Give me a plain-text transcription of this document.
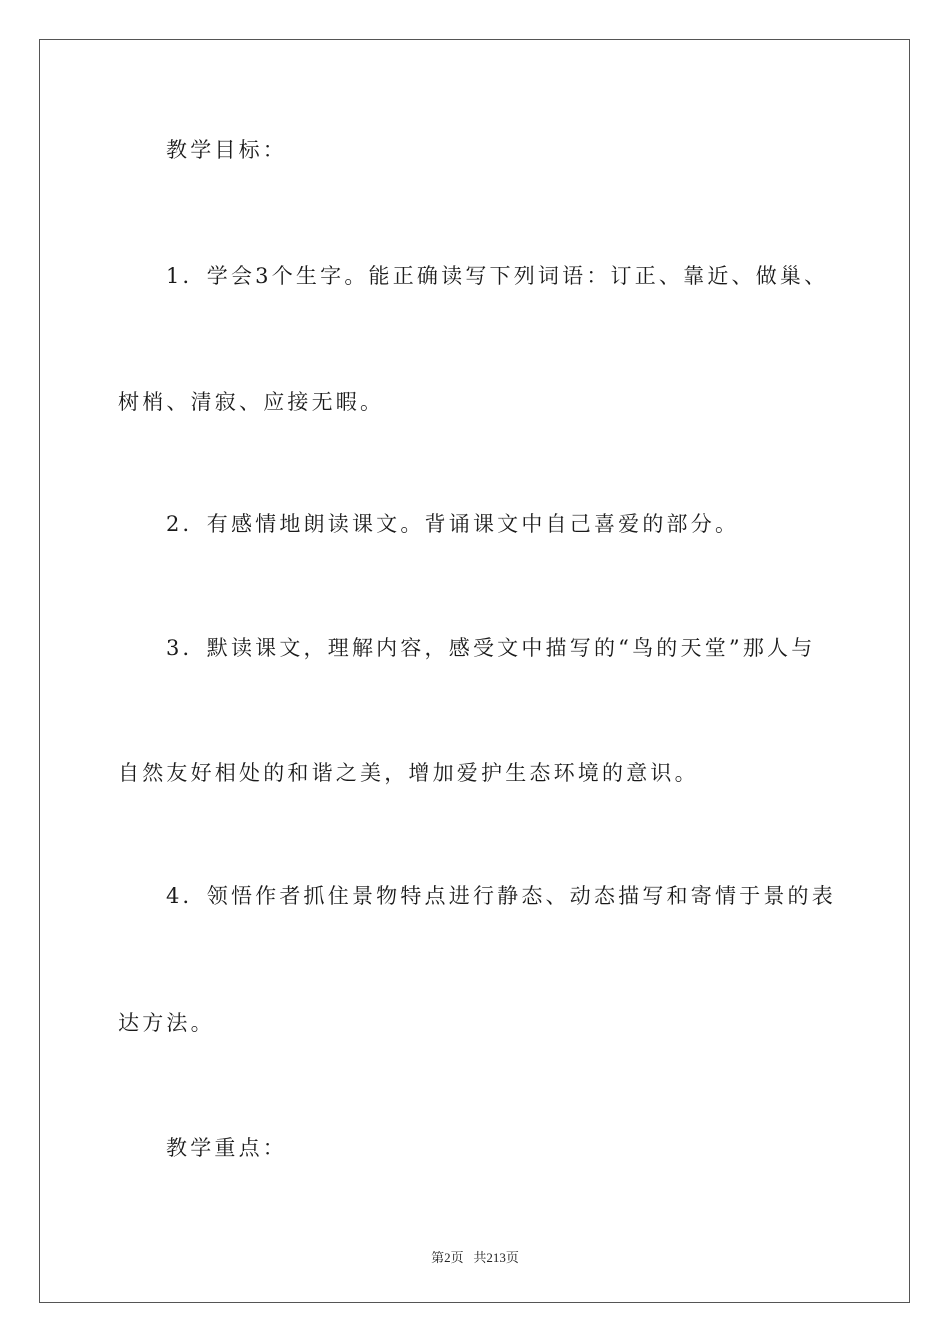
教学目标：
1．学会3个生字。能正确读写下列词语：订正、靠近、做巢、
树梢、清寂、应接无暇。
2．有感情地朗读课文。背诵课文中自己喜爱的部分。
3．默读课文，理解内容，感受文中描写的“鸟的天堂”那人与
自然友好相处的和谐之美，增加爱护生态环境的意识。
4．领悟作者抓住景物特点进行静态、动态描写和寄情于景的表
达方法。
教学重点：
第2页 共213页
